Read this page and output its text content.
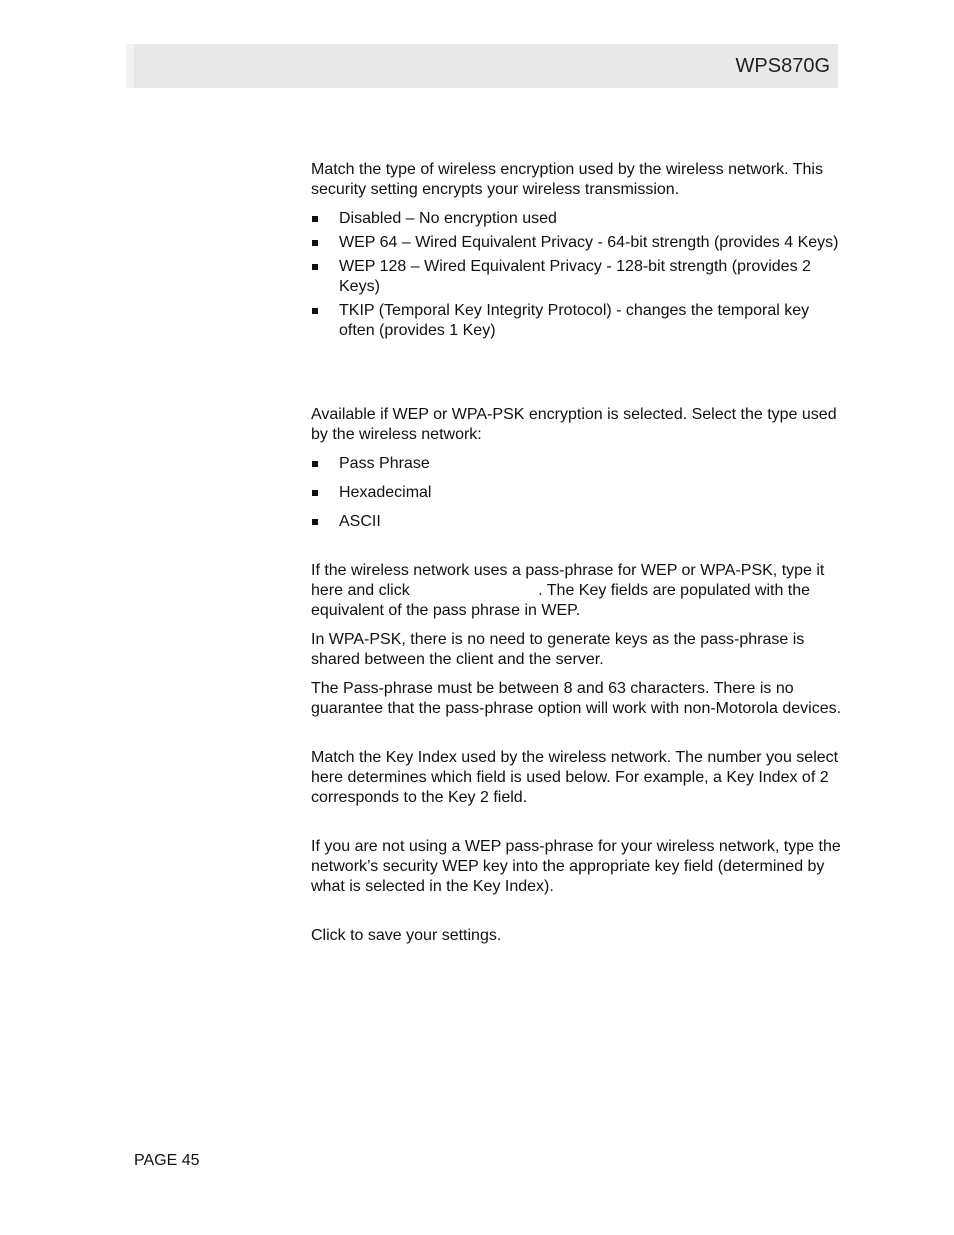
WPS870G

Match the type of wireless encryption used by the wireless network. This security setting encrypts your wireless transmission.

Disabled – No encryption used
WEP 64 – Wired Equivalent Privacy - 64-bit strength (provides 4 Keys)
WEP 128 – Wired Equivalent Privacy - 128-bit strength (provides 2 Keys)
TKIP (Temporal Key Integrity Protocol) - changes the temporal key often (provides 1 Key)

Available if WEP or WPA-PSK encryption is selected. Select the type used by the wireless network:

Pass Phrase
Hexadecimal
ASCII

If the wireless network uses a pass-phrase for WEP or WPA-PSK, type it here and click	. The Key fields are populated with the equivalent of the pass phrase in WEP.

In WPA-PSK, there is no need to generate keys as the pass-phrase is shared between the client and the server.

The Pass-phrase must be between 8 and 63 characters. There is no guarantee that the pass-phrase option will work with non-Motorola devices.

Match the Key Index used by the wireless network. The number you select here determines which field is used below. For example, a Key Index of 2 corresponds to the Key 2 field.

If you are not using a WEP pass-phrase for your wireless network, type the network’s security WEP key into the appropriate key field (determined by what is selected in the Key Index).

Click to save your settings.

PAGE 45
